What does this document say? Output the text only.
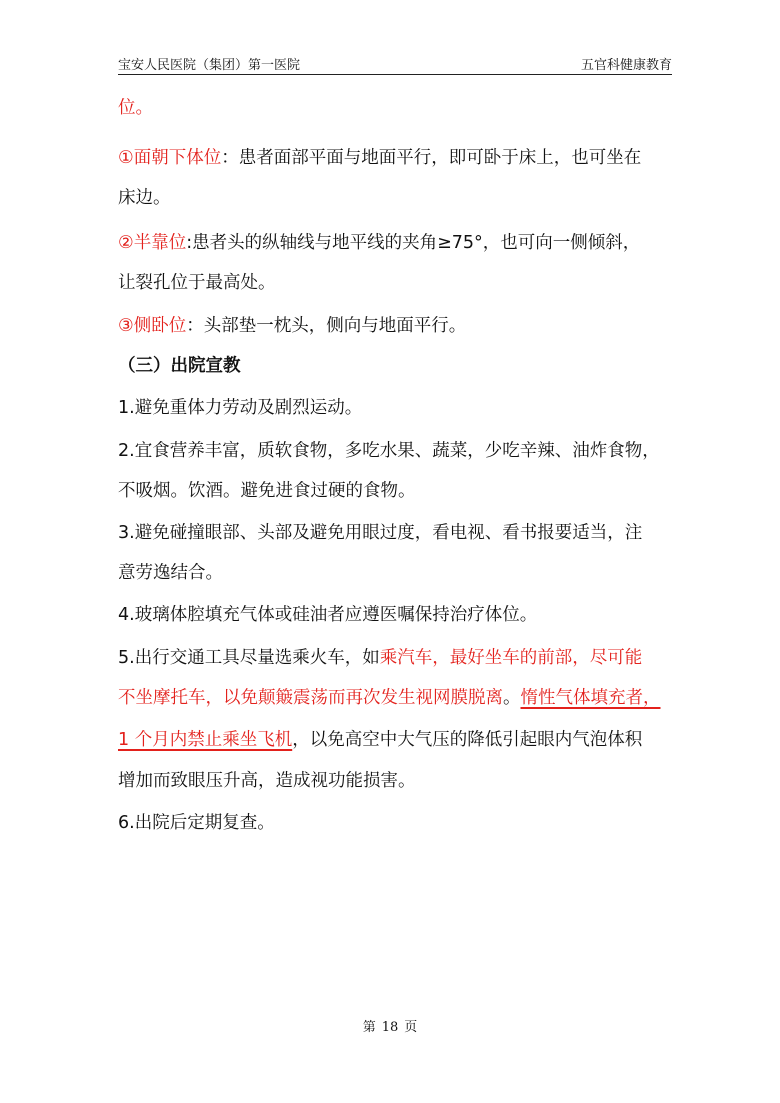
宝安人民医院（集团）第一医院	五官科健康教育
位。
①面朝下体位：患者面部平面与地面平行，即可卧于床上，也可坐在
床边。
②半靠位:患者头的纵轴线与地平线的夹角≥75°，也可向一侧倾斜，
让裂孔位于最高处。
③侧卧位：头部垫一枕头，侧向与地面平行。
（三）出院宣教
1.避免重体力劳动及剧烈运动。
2.宜食营养丰富，质软食物，多吃水果、蔬菜，少吃辛辣、油炸食物，
不吸烟。饮酒。避免进食过硬的食物。
3.避免碰撞眼部、头部及避免用眼过度，看电视、看书报要适当，注
意劳逸结合。
4.玻璃体腔填充气体或硅油者应遵医嘱保持治疗体位。
5.出行交通工具尽量选乘火车，如乘汽车，最好坐车的前部，尽可能
不坐摩托车，以免颠簸震荡而再次发生视网膜脱离。惰性气体填充者，
1 个月内禁止乘坐飞机，以免高空中大气压的降低引起眼内气泡体积
增加而致眼压升高，造成视功能损害。
6.出院后定期复查。
第 18 页
